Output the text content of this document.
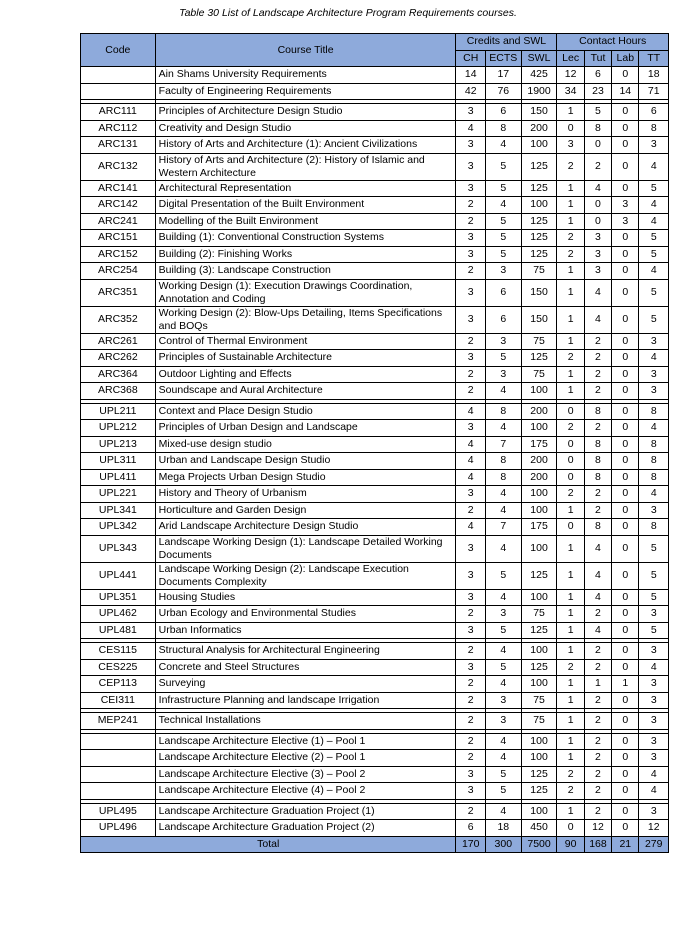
Table 30 List of Landscape Architecture Program Requirements courses.
Code	Course Title	Credits and SWL			Contact Hours			
		CH	ECTS	SWL	Lec	Tut	Lab	TT
	Ain Shams University Requirements	14	17	425	12	6	0	18
	Faculty of Engineering Requirements	42	76	1900	34	23	14	71

ARC111	Principles of Architecture Design Studio	3	6	150	1	5	0	6
ARC112	Creativity and Design Studio	4	8	200	0	8	0	8
ARC131	History of Arts and Architecture (1): Ancient Civilizations	3	4	100	3	0	0	3
ARC132	History of Arts and Architecture (2): History of Islamic and Western Architecture	3	5	125	2	2	0	4
ARC141	Architectural Representation	3	5	125	1	4	0	5
ARC142	Digital Presentation of the Built Environment	2	4	100	1	0	3	4
ARC241	Modelling of the Built Environment	2	5	125	1	0	3	4
ARC151	Building (1): Conventional Construction Systems	3	5	125	2	3	0	5
ARC152	Building (2): Finishing Works	3	5	125	2	3	0	5
ARC254	Building (3): Landscape Construction	2	3	75	1	3	0	4
ARC351	Working Design (1): Execution Drawings Coordination, Annotation and Coding	3	6	150	1	4	0	5
ARC352	Working Design (2): Blow-Ups Detailing, Items Specifications and BOQs	3	6	150	1	4	0	5
ARC261	Control of Thermal Environment	2	3	75	1	2	0	3
ARC262	Principles of Sustainable Architecture	3	5	125	2	2	0	4
ARC364	Outdoor Lighting and Effects	2	3	75	1	2	0	3
ARC368	Soundscape and Aural Architecture	2	4	100	1	2	0	3

UPL211	Context and Place Design Studio	4	8	200	0	8	0	8
UPL212	Principles of Urban Design and Landscape	3	4	100	2	2	0	4
UPL213	Mixed-use design studio	4	7	175	0	8	0	8
UPL311	Urban and Landscape Design Studio	4	8	200	0	8	0	8
UPL411	Mega Projects Urban Design Studio	4	8	200	0	8	0	8
UPL221	History and Theory of Urbanism	3	4	100	2	2	0	4
UPL341	Horticulture and Garden Design	2	4	100	1	2	0	3
UPL342	Arid Landscape Architecture Design Studio	4	7	175	0	8	0	8
UPL343	Landscape Working Design (1): Landscape Detailed Working Documents	3	4	100	1	4	0	5
UPL441	Landscape Working Design (2): Landscape Execution Documents Complexity	3	5	125	1	4	0	5
UPL351	Housing Studies	3	4	100	1	4	0	5
UPL462	Urban Ecology and Environmental Studies	2	3	75	1	2	0	3
UPL481	Urban Informatics	3	5	125	1	4	0	5

CES115	Structural Analysis for Architectural Engineering	2	4	100	1	2	0	3
CES225	Concrete and Steel Structures	3	5	125	2	2	0	4
CEP113	Surveying	2	4	100	1	1	1	3
CEI311	Infrastructure Planning and landscape Irrigation	2	3	75	1	2	0	3

MEP241	Technical Installations	2	3	75	1	2	0	3

	Landscape Architecture Elective (1) – Pool 1	2	4	100	1	2	0	3
	Landscape Architecture Elective (2) – Pool 1	2	4	100	1	2	0	3
	Landscape Architecture Elective (3) – Pool 2	3	5	125	2	2	0	4
	Landscape Architecture Elective (4) – Pool 2	3	5	125	2	2	0	4

UPL495	Landscape Architecture Graduation Project (1)	2	4	100	1	2	0	3
UPL496	Landscape Architecture Graduation Project (2)	6	18	450	0	12	0	12
Total		170	300	7500	90	168	21	279
